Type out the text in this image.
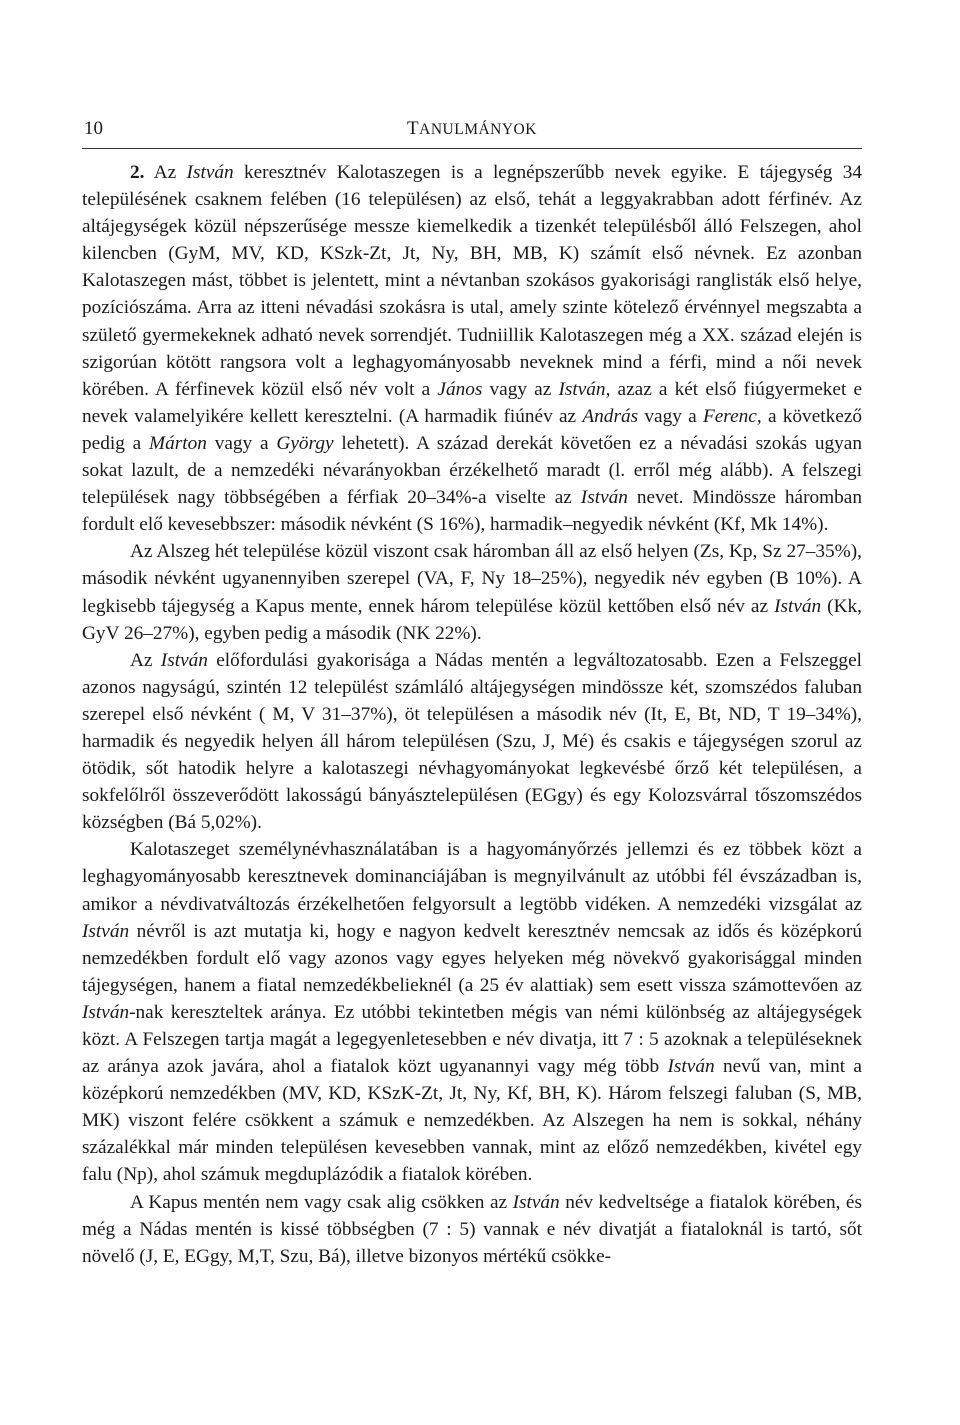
10	TANULMÁNYOK

2. Az István keresztnév Kalotaszegen is a legnépszerűbb nevek egyike. E tájegység 34 településének csaknem felében (16 településen) az első, tehát a leggyakrabban adott férfinév. Az altájegységek közül népszerűsége messze kiemelkedik a tizenkét településből álló Felszegen, ahol kilencben (GyM, MV, KD, KSzk-Zt, Jt, Ny, BH, MB, K) számít első névnek. Ez azonban Kalotaszegen mást, többet is jelentett, mint a névtanban szokásos gyakorisági ranglisták első helye, pozíciószáma. Arra az itteni névadási szokásra is utal, amely szinte kötelező érvénnyel megszabta a születő gyermekeknek adható nevek sorrendjét. Tudniillik Kalotaszegen még a XX. század elején is szigorúan kötött rangsora volt a leghagyományosabb neveknek mind a férfi, mind a női nevek körében. A férfinevek közül első név volt a János vagy az István, azaz a két első fiúgyermeket e nevek valamelyikére kellett keresztelni. (A harmadik fiúnév az András vagy a Ferenc, a következő pedig a Márton vagy a György lehetett). A század derekát követően ez a névadási szokás ugyan sokat lazult, de a nemzedéki névarányokban érzékelhető maradt (l. erről még alább). A felszegi települések nagy többségében a férfiak 20–34%-a viselte az István nevet. Mindössze háromban fordult elő kevesebbszer: második névként (S 16%), harmadik–negyedik névként (Kf, Mk 14%).

Az Alszeg hét települése közül viszont csak háromban áll az első helyen (Zs, Kp, Sz 27–35%), második névként ugyanennyiben szerepel (VA, F, Ny 18–25%), negyedik név egyben (B 10%). A legkisebb tájegység a Kapus mente, ennek három települése közül kettőben első név az István (Kk, GyV 26–27%), egyben pedig a második (NK 22%).

Az István előfordulási gyakorisága a Nádas mentén a legváltozatosabb. Ezen a Felszeggel azonos nagyságú, szintén 12 települést számláló altájegységen mindössze két, szomszédos faluban szerepel első névként ( M, V 31–37%), öt településen a második név (It, E, Bt, ND, T 19–34%), harmadik és negyedik helyen áll három településen (Szu, J, Mé) és csakis e tájegységen szorul az ötödik, sőt hatodik helyre a kalotaszegi névhagyományokat legkevésbé őrző két településen, a sokfelőlről összeverődött lakosságú bányásztelepülésen (EGgy) és egy Kolozsvárral tőszomszédos községben (Bá 5,02%).

Kalotaszeget személynévhasználatában is a hagyományőrzés jellemzi és ez többek közt a leghagyományosabb keresztnevek dominanciájában is megnyilvánult az utóbbi fél évszázadban is, amikor a névdivatváltozás érzékelhetően felgyorsult a legtöbb vidéken. A nemzedéki vizsgálat az István névről is azt mutatja ki, hogy e nagyon kedvelt keresztnév nemcsak az idős és középkorú nemzedékben fordult elő vagy azonos vagy egyes helyeken még növekvő gyakorisággal minden tájegységen, hanem a fiatal nemzedékbelieknél (a 25 év alattiak) sem esett vissza számottevően az István-nak kereszteltek aránya. Ez utóbbi tekintetben mégis van némi különbség az altájegységek közt. A Felszegen tartja magát a legegyenletesebben e név divatja, itt 7 : 5 azoknak a településeknek az aránya azok javára, ahol a fiatalok közt ugyanannyi vagy még több István nevű van, mint a középkorú nemzedékben (MV, KD, KSzK-Zt, Jt, Ny, Kf, BH, K). Három felszegi faluban (S, MB, MK) viszont felére csökkent a számuk e nemzedékben. Az Alszegen ha nem is sokkal, néhány százalékkal már minden településen kevesebben vannak, mint az előző nemzedékben, kivétel egy falu (Np), ahol számuk megduplázódik a fiatalok körében.

A Kapus mentén nem vagy csak alig csökken az István név kedveltsége a fiatalok körében, és még a Nádas mentén is kissé többségben (7 : 5) vannak e név divatját a fiataloknál is tartó, sőt növelő (J, E, EGgy, M,T, Szu, Bá), illetve bizonyos mértékű csökke-
